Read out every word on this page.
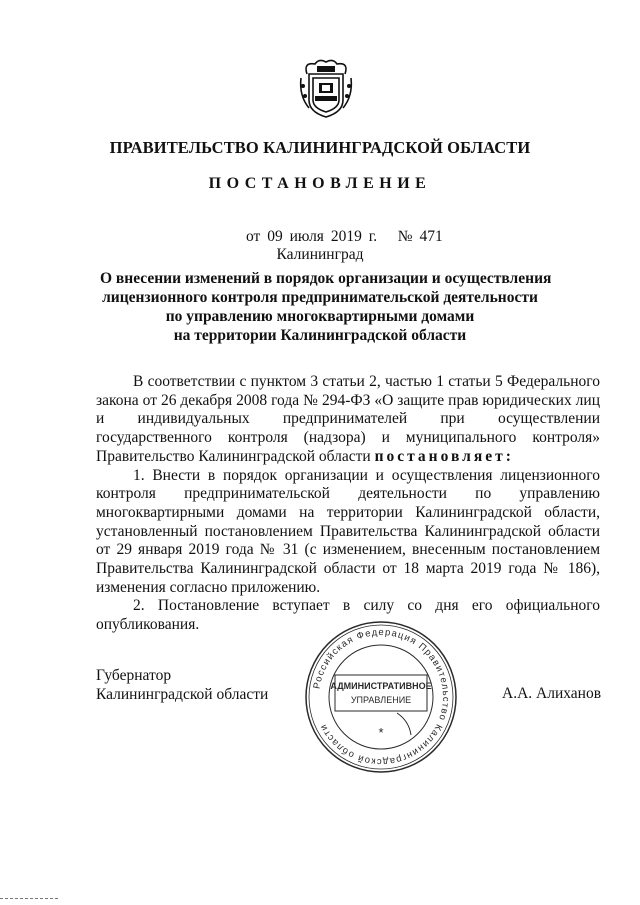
ПРАВИТЕЛЬСТВО КАЛИНИНГРАДСКОЙ ОБЛАСТИ
ПОСТАНОВЛЕНИЕ
от 09 июля 2019 г. № 471
Калининград
О внесении изменений в порядок организации и осуществления
лицензионного контроля предпринимательской деятельности
по управлению многоквартирными домами
на территории Калининградской области

В соответствии с пунктом 3 статьи 2, частью 1 статьи 5 Федерального закона от 26 декабря 2008 года № 294-ФЗ «О защите прав юридических лиц и индивидуальных предпринимателей при осуществлении государственного контроля (надзора) и муниципального контроля» Правительство Калининградской области постановляет:

1. Внести в порядок организации и осуществления лицензионного контроля предпринимательской деятельности по управлению многоквартирными домами на территории Калининградской области, установленный постановлением Правительства Калининградской области от 29 января 2019 года № 31 (с изменением, внесенным постановлением Правительства Калининградской области от 18 марта 2019 года № 186), изменения согласно приложению.

2. Постановление вступает в силу со дня его официального опубликования.

Губернатор
Калининградской области
Российская Федерация Правительство Калининградской области
АДМИНИСТРАТИВНОЕ
УПРАВЛЕНИЕ
*
А.А. Алиханов
